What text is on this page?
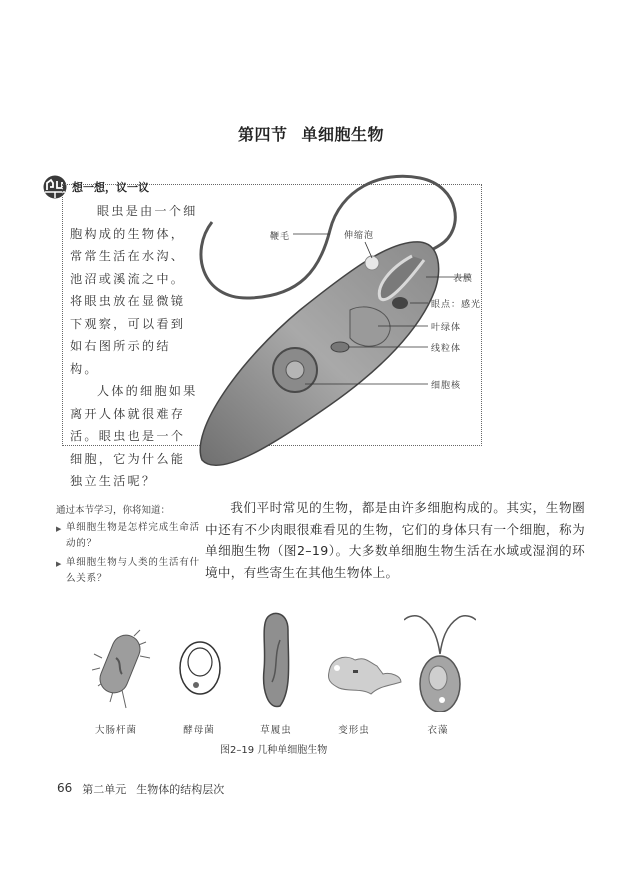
第四节 单细胞生物
想一想，议一议

眼虫是由一个细胞构成的生物体，常常生活在水沟、池沼或溪流之中。将眼虫放在显微镜下观察，可以看到如右图所示的结构。

人体的细胞如果离开人体就很难存活。眼虫也是一个细胞，它为什么能独立生活呢？

鞭毛	伸缩泡
表膜
眼点：感光
叶绿体
线粒体
细胞核
通过本节学习，你将知道：
▶ 单细胞生物是怎样完成生命活动的？
▶ 单细胞生物与人类的生活有什么关系？

我们平时常见的生物，都是由许多细胞构成的。其实，生物圈中还有不少肉眼很难看见的生物，它们的身体只有一个细胞，称为单细胞生物（图2–19）。大多数单细胞生物生活在水域或湿润的环境中，有些寄生在其他生物体上。

大肠杆菌	酵母菌	草履虫	变形虫	衣藻
图2–19 几种单细胞生物
66 第二单元 生物体的结构层次
